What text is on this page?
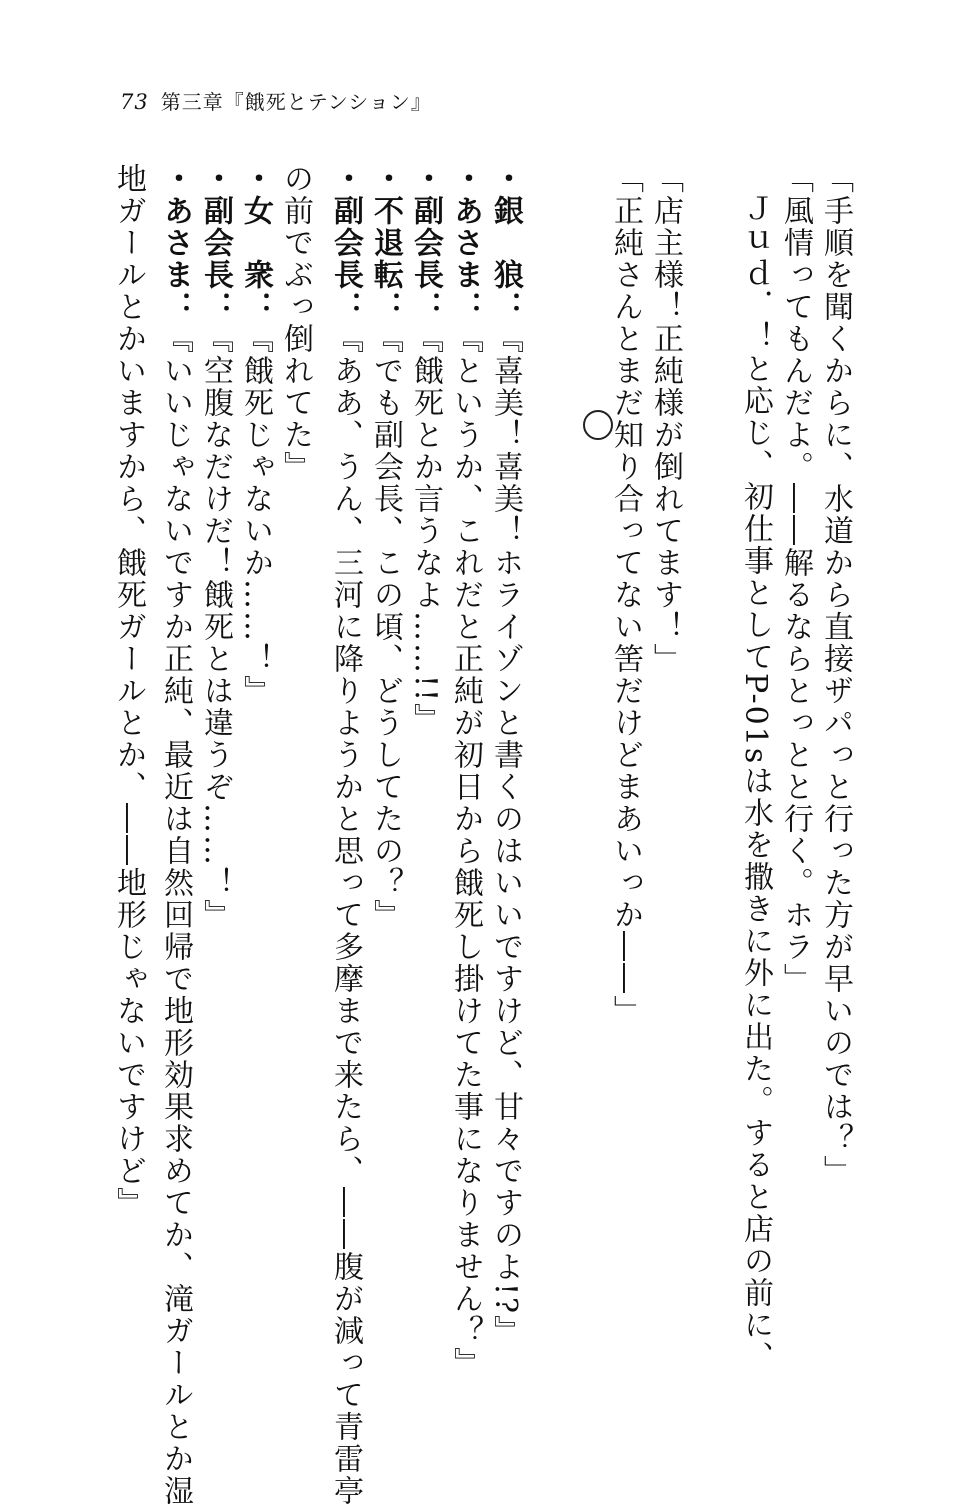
73 第三章『餓死とテンション』
「手順を聞くからに、水道から直接ザパっと行った方が早いのでは？」
「風情ってもんだよ。――解るならとっとと行く。ホラ」
Ｊｕｄ．！と応じ、初仕事としてP-01sは水を撒きに外に出た。すると店の前に、
「店主様！正純様が倒れてます！」
「正純さんとまだ知り合ってない筈だけどまあいっか――」
・銀　狼：『喜美！喜美！ホライゾンと書くのはいいですけど、甘々ですのよ!?』
・あさま：『というか、これだと正純が初日から餓死し掛けてた事になりません？』
・副会長：『餓死とか言うなよ……!!』
・不退転：『でも副会長、この頃、どうしてたの？』
・副会長：『ああ、うん、三河に降りようかと思って多摩まで来たら、――腹が減って青雷亭
の前でぶっ倒れてた』
・女　衆：『餓死じゃないか……！』
・副会長：『空腹なだけだ！餓死とは違うぞ……！』
・あさま：『いいじゃないですか正純、最近は自然回帰で地形効果求めてか、滝ガールとか湿
地ガールとかいますから、餓死ガールとか、――地形じゃないですけど』
